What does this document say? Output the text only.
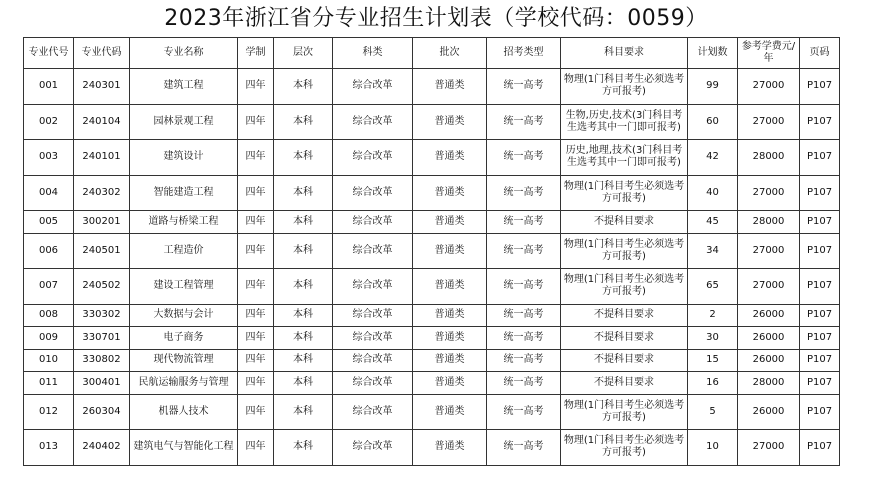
2023年浙江省分专业招生计划表（学校代码：0059）
专业代号	专业代码	专业名称	学制	层次	科类	批次	招考类型	科目要求	计划数	参考学费元/年	页码
001	240301	建筑工程	四年	本科	综合改革	普通类	统一高考	物理(1门科目考生必须选考方可报考)	99	27000	P107
002	240104	园林景观工程	四年	本科	综合改革	普通类	统一高考	生物,历史,技术(3门科目考生选考其中一门即可报考)	60	27000	P107
003	240101	建筑设计	四年	本科	综合改革	普通类	统一高考	历史,地理,技术(3门科目考生选考其中一门即可报考)	42	28000	P107
004	240302	智能建造工程	四年	本科	综合改革	普通类	统一高考	物理(1门科目考生必须选考方可报考)	40	27000	P107
005	300201	道路与桥梁工程	四年	本科	综合改革	普通类	统一高考	不提科目要求	45	28000	P107
006	240501	工程造价	四年	本科	综合改革	普通类	统一高考	物理(1门科目考生必须选考方可报考)	34	27000	P107
007	240502	建设工程管理	四年	本科	综合改革	普通类	统一高考	物理(1门科目考生必须选考方可报考)	65	27000	P107
008	330302	大数据与会计	四年	本科	综合改革	普通类	统一高考	不提科目要求	2	26000	P107
009	330701	电子商务	四年	本科	综合改革	普通类	统一高考	不提科目要求	30	26000	P107
010	330802	现代物流管理	四年	本科	综合改革	普通类	统一高考	不提科目要求	15	26000	P107
011	300401	民航运输服务与管理	四年	本科	综合改革	普通类	统一高考	不提科目要求	16	28000	P107
012	260304	机器人技术	四年	本科	综合改革	普通类	统一高考	物理(1门科目考生必须选考方可报考)	5	26000	P107
013	240402	建筑电气与智能化工程	四年	本科	综合改革	普通类	统一高考	物理(1门科目考生必须选考方可报考)	10	27000	P107
